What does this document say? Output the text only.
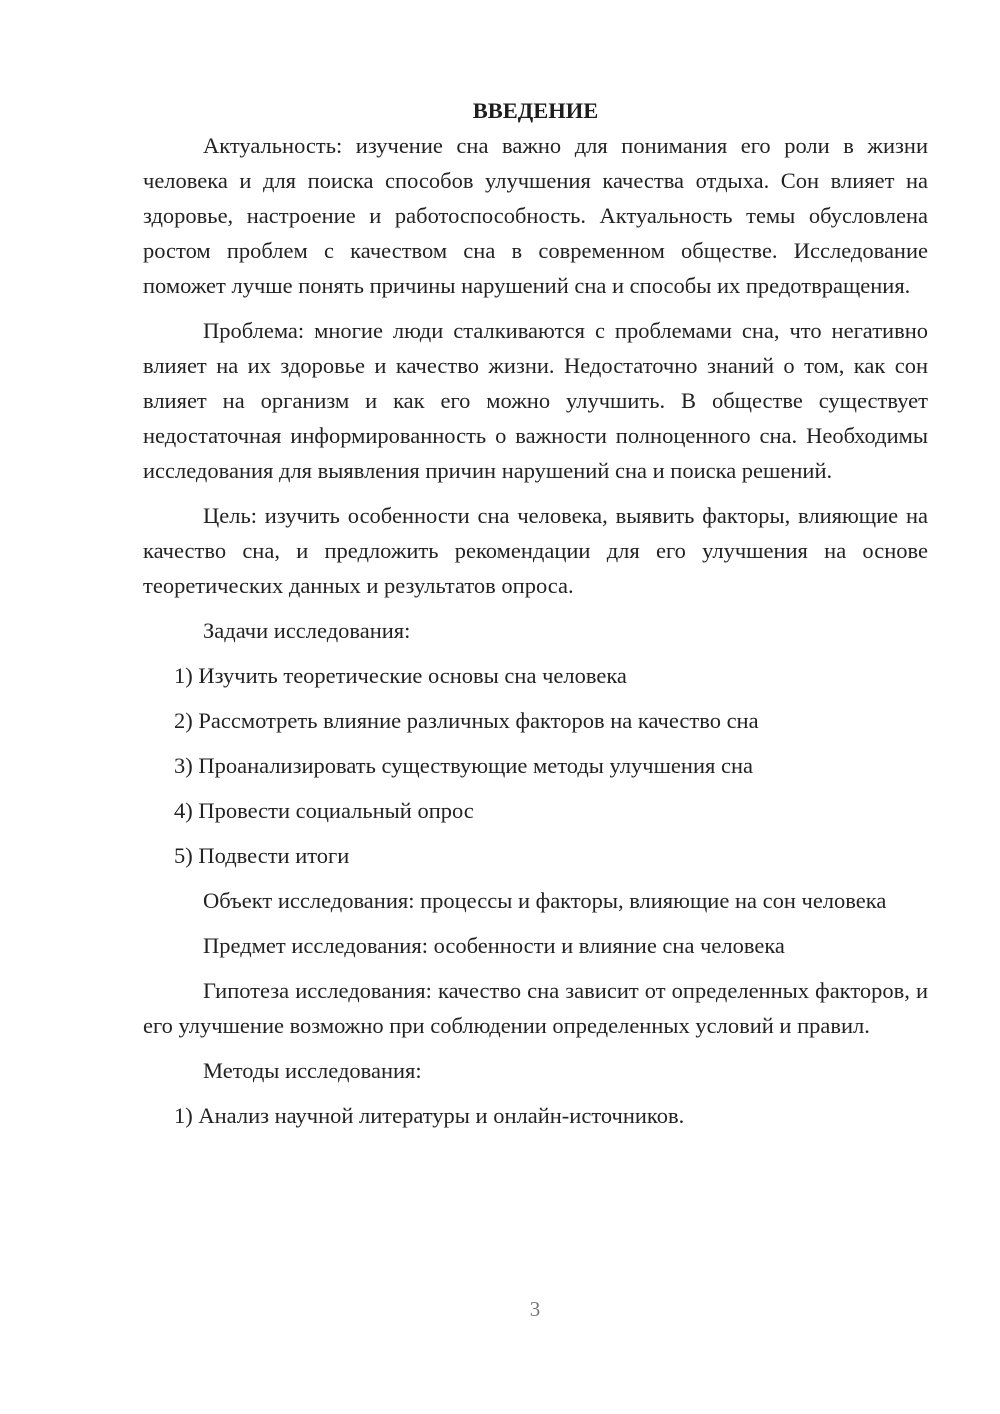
ВВЕДЕНИЕ

Актуальность: изучение сна важно для понимания его роли в жизни человека и для поиска способов улучшения качества отдыха. Сон влияет на здоровье, настроение и работоспособность. Актуальность темы обусловлена ростом проблем с качеством сна в современном обществе. Исследование поможет лучше понять причины нарушений сна и способы их предотвращения.

Проблема: многие люди сталкиваются с проблемами сна, что негативно влияет на их здоровье и качество жизни. Недостаточно знаний о том, как сон влияет на организм и как его можно улучшить. В обществе существует недостаточная информированность о важности полноценного сна. Необходимы исследования для выявления причин нарушений сна и поиска решений.

Цель: изучить особенности сна человека, выявить факторы, влияющие на качество сна, и предложить рекомендации для его улучшения на основе теоретических данных и результатов опроса.

Задачи исследования:

1) Изучить теоретические основы сна человека

2) Рассмотреть влияние различных факторов на качество сна

3) Проанализировать существующие методы улучшения сна

4) Провести социальный опрос

5) Подвести итоги

Объект исследования: процессы и факторы, влияющие на сон человека

Предмет исследования: особенности и влияние сна человека

Гипотеза исследования: качество сна зависит от определенных факторов, и его улучшение возможно при соблюдении определенных условий и правил.

Методы исследования:

1) Анализ научной литературы и онлайн-источников.

3
